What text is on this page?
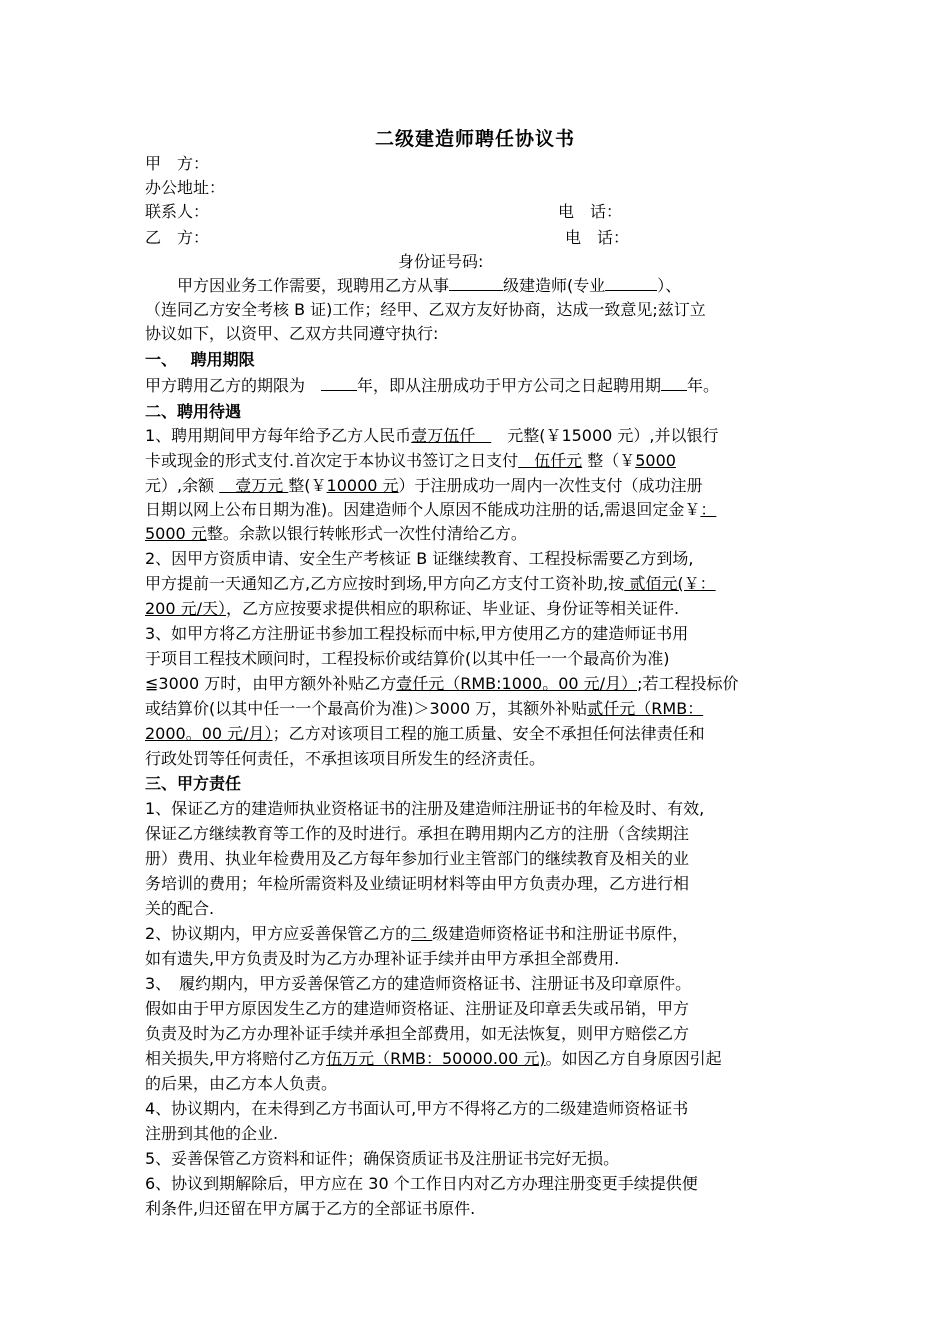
二级建造师聘任协议书
甲　方：
办公地址：
联系人：	电　话：
乙　方：	电　话：
身份证号码:
　　甲方因业务工作需要，现聘用乙方从事	级建造师(专业	）、
（连同乙方安全考核 B 证)工作；经甲、乙双方友好协商，达成一致意见;兹订立
协议如下，以资甲、乙双方共同遵守执行:
一、　 聘用期限
甲方聘用乙方的期限为　年，即从注册成功于甲方公司之日起聘用期 年。
二、聘用待遇
1、聘用期间甲方每年给予乙方人民币壹万伍仟　　元整(￥15000 元）,并以银行
卡或现金的形式支付.首次定于本协议书签订之日支付　伍仟元 整（￥5000
元）,余额 　壹万元 整(￥10000 元）于注册成功一周内一次性支付（成功注册
日期以网上公布日期为准)。因建造师个人原因不能成功注册的话,需退回定金￥：
5000 元整。余款以银行转帐形式一次性付清给乙方。
2、因甲方资质申请、安全生产考核证 B 证继续教育、工程投标需要乙方到场,
甲方提前一天通知乙方,乙方应按时到场,甲方向乙方支付工资补助,按 贰佰元(￥：
200 元/天），乙方应按要求提供相应的职称证、毕业证、身份证等相关证件.
3、如甲方将乙方注册证书参加工程投标而中标,甲方使用乙方的建造师证书用
于项目工程技术顾问时，工程投标价或结算价(以其中任一一个最高价为准)
≦3000 万时，由甲方额外补贴乙方壹仟元（RMB:1000。00 元/月）;若工程投标价
或结算价(以其中任一一个最高价为准)＞3000 万，其额外补贴贰仟元（RMB：
2000。00 元/月）；乙方对该项目工程的施工质量、安全不承担任何法律责任和
行政处罚等任何责任，不承担该项目所发生的经济责任。
三、甲方责任
1、保证乙方的建造师执业资格证书的注册及建造师注册证书的年检及时、有效,
保证乙方继续教育等工作的及时进行。承担在聘用期内乙方的注册（含续期注
册）费用、执业年检费用及乙方每年参加行业主管部门的继续教育及相关的业
务培训的费用；年检所需资料及业绩证明材料等由甲方负责办理，乙方进行相
关的配合.
2、协议期内，甲方应妥善保管乙方的二 级建造师资格证书和注册证书原件，
如有遗失,甲方负责及时为乙方办理补证手续并由甲方承担全部费用.
3、　履约期内，甲方妥善保管乙方的建造师资格证书、注册证书及印章原件。
假如由于甲方原因发生乙方的建造师资格证、注册证及印章丢失或吊销，甲方
负责及时为乙方办理补证手续并承担全部费用，如无法恢复，则甲方赔偿乙方
相关损失,甲方将赔付乙方伍万元（RMB：50000.00 元)。如因乙方自身原因引起
的后果，由乙方本人负责。
4、协议期内，在未得到乙方书面认可,甲方不得将乙方的二级建造师资格证书
注册到其他的企业.
5、妥善保管乙方资料和证件；确保资质证书及注册证书完好无损。
6、协议到期解除后，甲方应在 30 个工作日内对乙方办理注册变更手续提供便
利条件,归还留在甲方属于乙方的全部证书原件.
